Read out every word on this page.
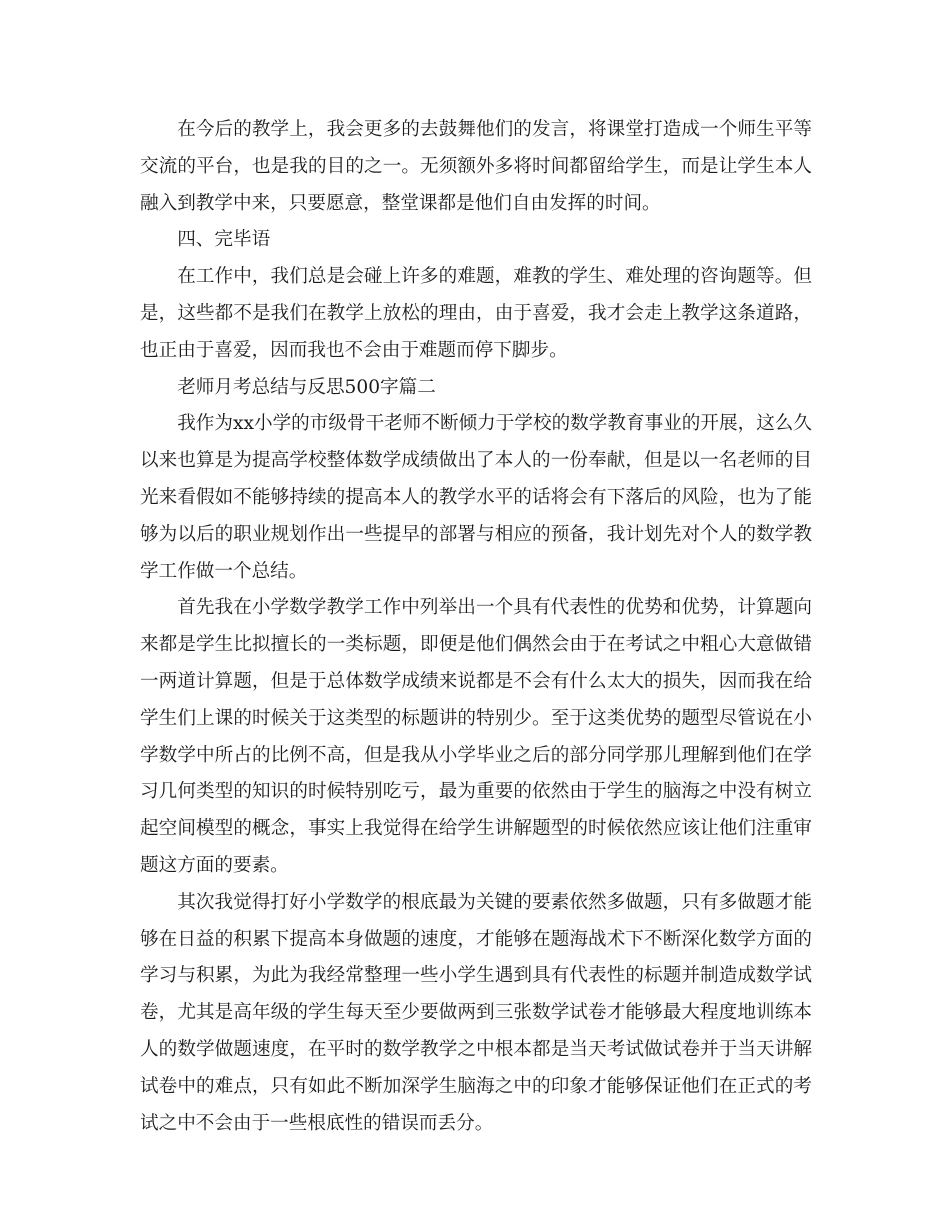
在今后的教学上，我会更多的去鼓舞他们的发言，将课堂打造成一个师生平等交流的平台，也是我的目的之一。无须额外多将时间都留给学生，而是让学生本人融入到教学中来，只要愿意，整堂课都是他们自由发挥的时间。

四、完毕语

在工作中，我们总是会碰上许多的难题，难教的学生、难处理的咨询题等。但是，这些都不是我们在教学上放松的理由，由于喜爱，我才会走上教学这条道路，也正由于喜爱，因而我也不会由于难题而停下脚步。

老师月考总结与反思500字篇二

我作为xx小学的市级骨干老师不断倾力于学校的数学教育事业的开展，这么久以来也算是为提高学校整体数学成绩做出了本人的一份奉献，但是以一名老师的目光来看假如不能够持续的提高本人的教学水平的话将会有下落后的风险，也为了能够为以后的职业规划作出一些提早的部署与相应的预备，我计划先对个人的数学教学工作做一个总结。

首先我在小学数学教学工作中列举出一个具有代表性的优势和优势，计算题向来都是学生比拟擅长的一类标题，即便是他们偶然会由于在考试之中粗心大意做错一两道计算题，但是于总体数学成绩来说都是不会有什么太大的损失，因而我在给学生们上课的时候关于这类型的标题讲的特别少。至于这类优势的题型尽管说在小学数学中所占的比例不高，但是我从小学毕业之后的部分同学那儿理解到他们在学习几何类型的知识的时候特别吃亏，最为重要的依然由于学生的脑海之中没有树立起空间模型的概念，事实上我觉得在给学生讲解题型的时候依然应该让他们注重审题这方面的要素。

其次我觉得打好小学数学的根底最为关键的要素依然多做题，只有多做题才能够在日益的积累下提高本身做题的速度，才能够在题海战术下不断深化数学方面的学习与积累，为此为我经常整理一些小学生遇到具有代表性的标题并制造成数学试卷，尤其是高年级的学生每天至少要做两到三张数学试卷才能够最大程度地训练本人的数学做题速度，在平时的数学教学之中根本都是当天考试做试卷并于当天讲解试卷中的难点，只有如此不断加深学生脑海之中的印象才能够保证他们在正式的考试之中不会由于一些根底性的错误而丢分。
